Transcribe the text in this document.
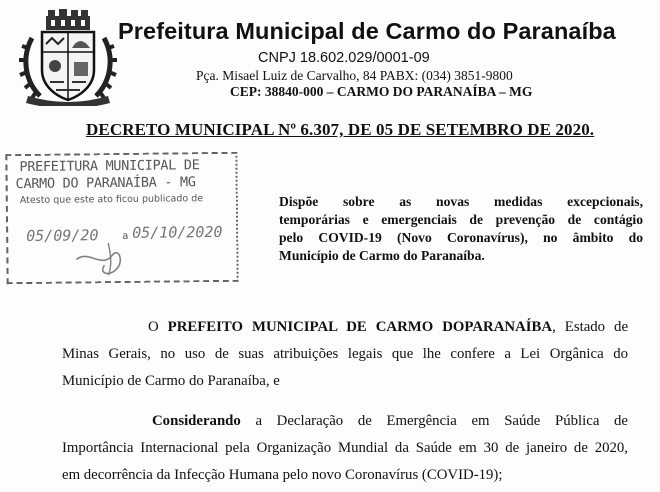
Prefeitura Municipal de Carmo do Paranaíba
CNPJ 18.602.029/0001-09
Pça. Misael Luiz de Carvalho, 84 PABX: (034) 3851-9800
CEP: 38840-000 – CARMO DO PARANAÍBA – MG
DECRETO MUNICIPAL Nº 6.307, DE 05 DE SETEMBRO DE 2020.
PREFEITURA MUNICIPAL DE
CARMO DO PARANAÍBA - MG
Atesto que este ato ficou publicado de
05/09/20 a 05/10/2020
Dispõe sobre as novas medidas excepcionais,
temporárias e emergenciais de prevenção de contágio
pelo COVID-19 (Novo Coronavírus), no âmbito do
Município de Carmo do Paranaíba.
O PREFEITO MUNICIPAL DE CARMO DOPARANAÍBA, Estado de
Minas Gerais, no uso de suas atribuições legais que lhe confere a Lei Orgânica do
Município de Carmo do Paranaíba, e
Considerando a Declaração de Emergência em Saúde Pública de
Importância Internacional pela Organização Mundial da Saúde em 30 de janeiro de 2020,
em decorrência da Infecção Humana pelo novo Coronavírus (COVID-19);
